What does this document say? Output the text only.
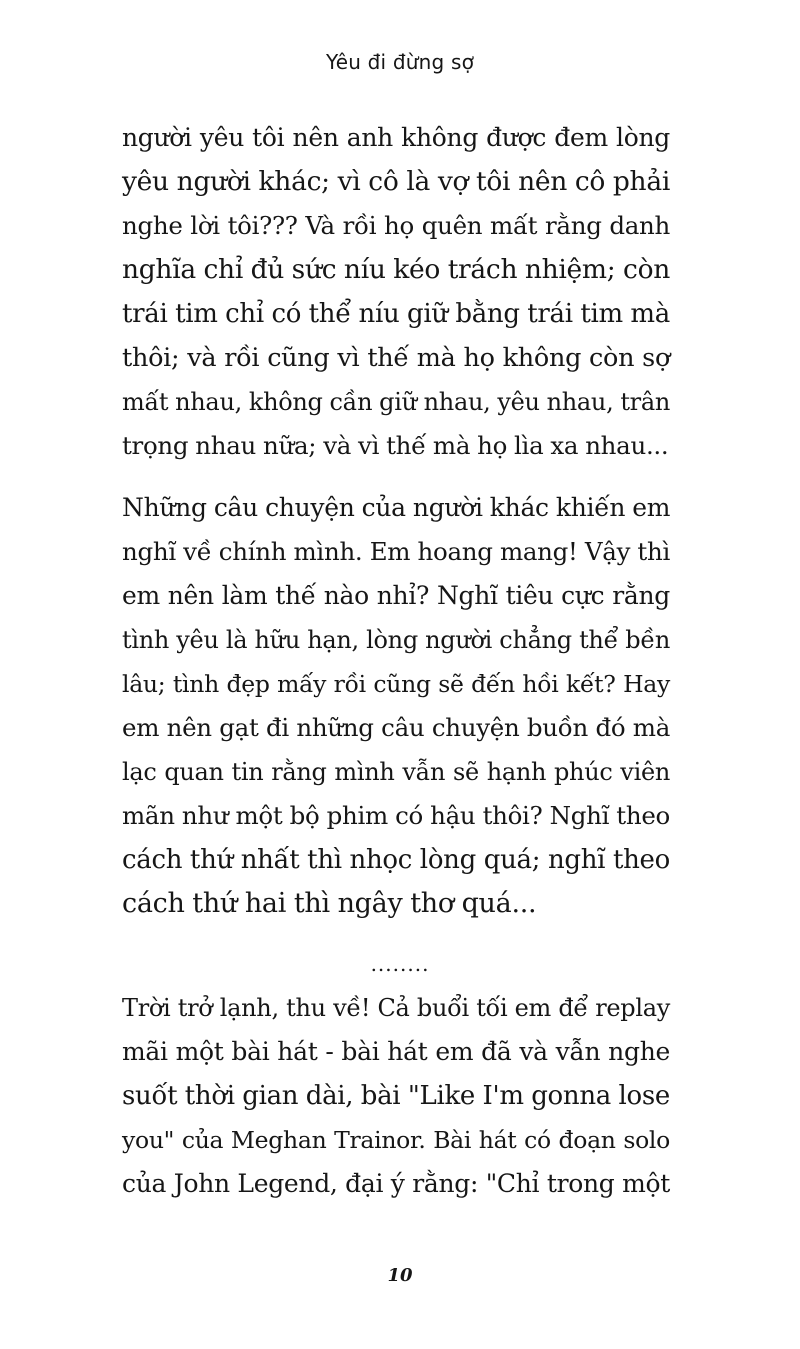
Yêu đi đừng sợ
người yêu tôi nên anh không được đem lòng
yêu người khác; vì cô là vợ tôi nên cô phải
nghe lời tôi??? Và rồi họ quên mất rằng danh
nghĩa chỉ đủ sức níu kéo trách nhiệm; còn
trái tim chỉ có thể níu giữ bằng trái tim mà
thôi; và rồi cũng vì thế mà họ không còn sợ
mất nhau, không cần giữ nhau, yêu nhau, trân
trọng nhau nữa; và vì thế mà họ lìa xa nhau...
Những câu chuyện của người khác khiến em
nghĩ về chính mình. Em hoang mang! Vậy thì
em nên làm thế nào nhỉ? Nghĩ tiêu cực rằng
tình yêu là hữu hạn, lòng người chẳng thể bền
lâu; tình đẹp mấy rồi cũng sẽ đến hồi kết? Hay
em nên gạt đi những câu chuyện buồn đó mà
lạc quan tin rằng mình vẫn sẽ hạnh phúc viên
mãn như một bộ phim có hậu thôi? Nghĩ theo
cách thứ nhất thì nhọc lòng quá; nghĩ theo
cách thứ hai thì ngây thơ quá...
........
Trời trở lạnh, thu về! Cả buổi tối em để replay
mãi một bài hát - bài hát em đã và vẫn nghe
suốt thời gian dài, bài "Like I'm gonna lose
you" của Meghan Trainor. Bài hát có đoạn solo
của John Legend, đại ý rằng: "Chỉ trong một
10
